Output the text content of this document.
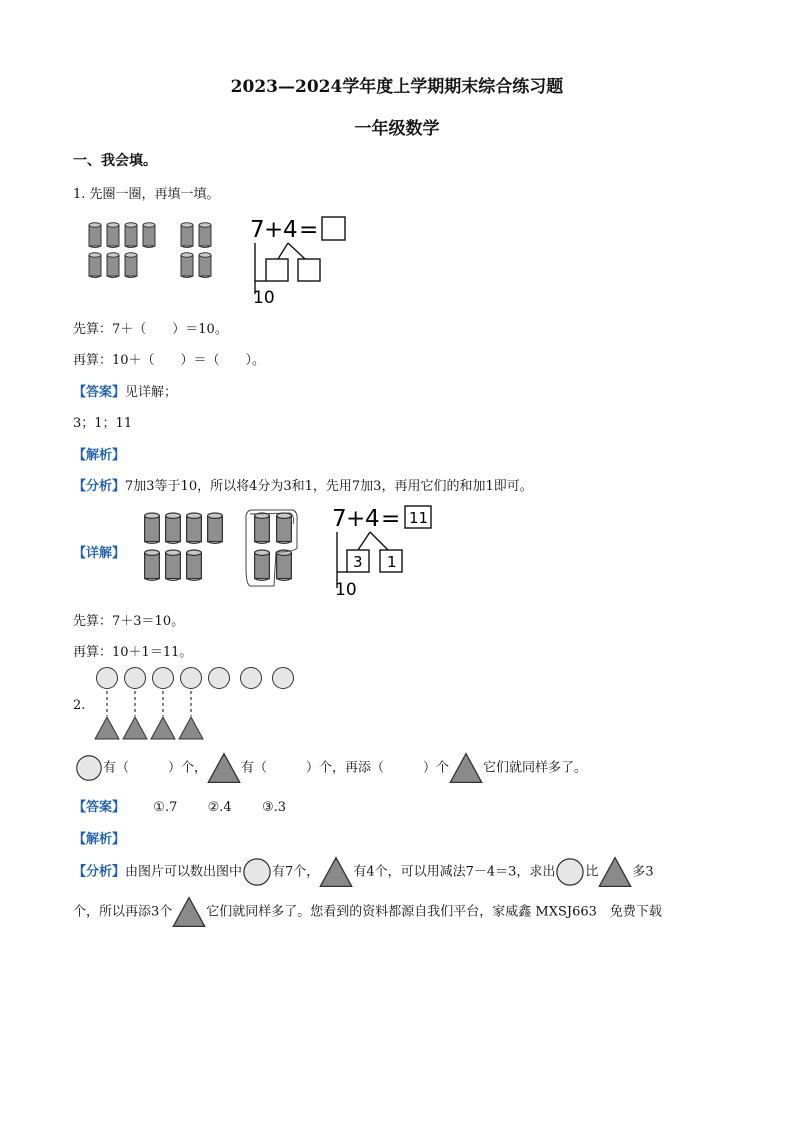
2023—2024学年度上学期期末综合练习题
一年级数学
一、我会填。
1. 先圈一圈，再填一填。
7 + 4 =
10
先算：7＋（　　）＝10。
再算：10＋（　　）＝（　　）。
【答案】见详解；
3；1；11
【解析】
【分析】7加3等于10，所以将4分为3和1，先用7加3，再用它们的和加1即可。
【详解】
7 + 4 = 11
3 1
10
先算：7＋3＝10。
再算：10＋1＝11。
2.
有（　　　）个，	有（　　　）个，再添（　　　）个	它们就同样多了。
【答案】 ①.7 ②.4 ③.3
【解析】
【分析】由图片可以数出图中 有7个，	有4个，可以用减法7－4＝3，求出 比	多3
个，所以再添3个	它们就同样多了。您看到的资料都源自我们平台，家威鑫 MXSJ663　免费下载
